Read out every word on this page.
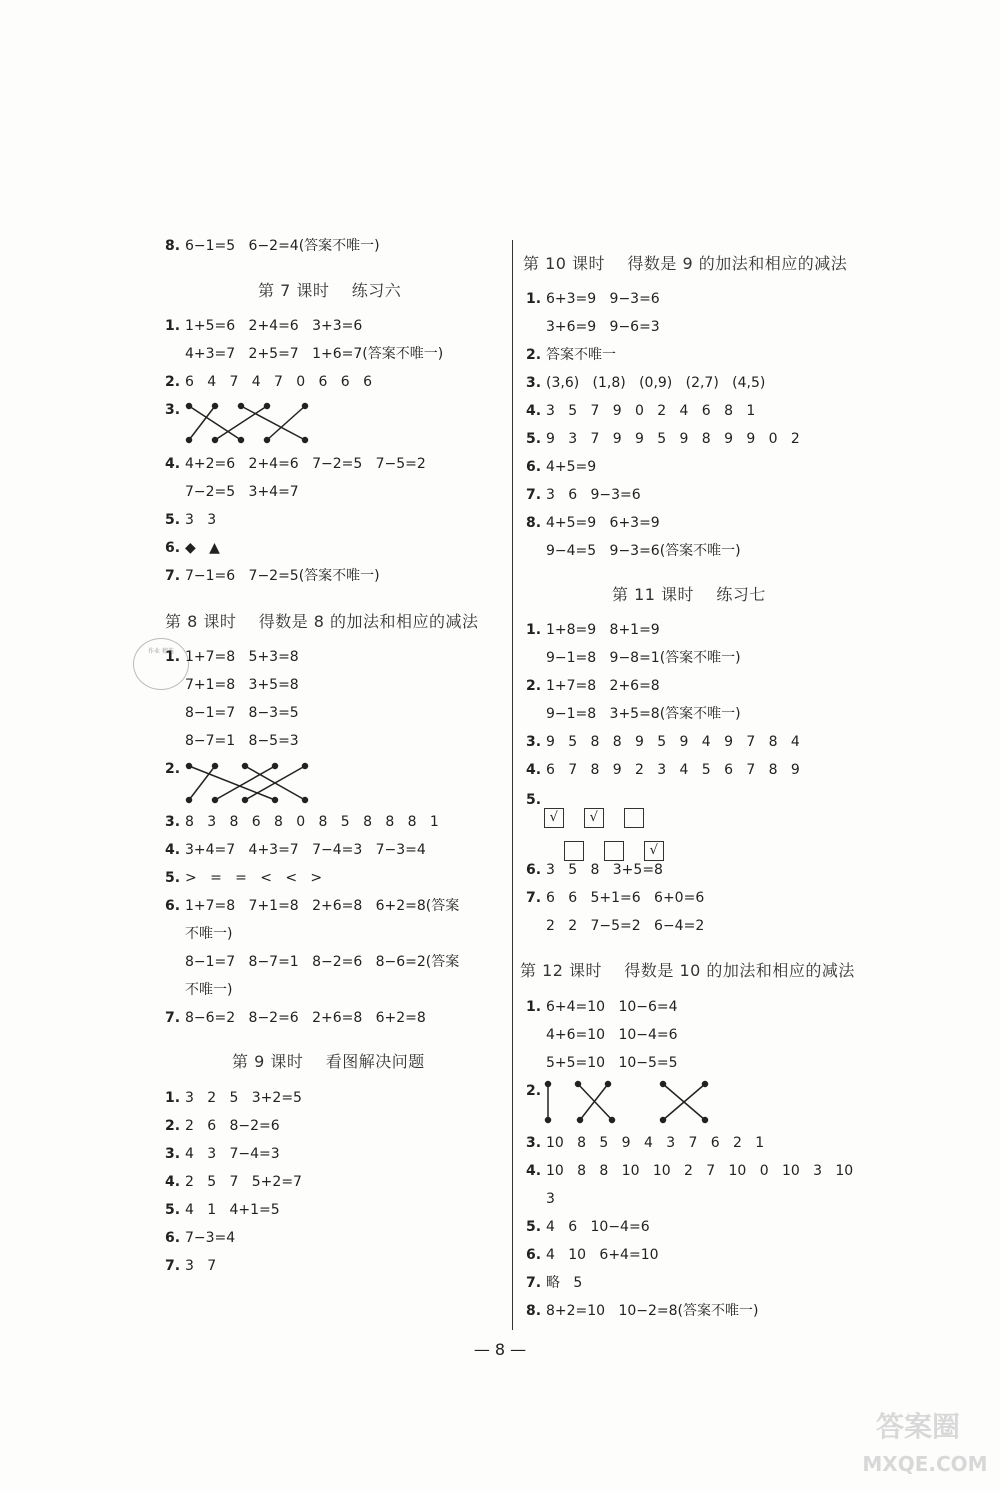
8. 6−1=5   6−2=4(答案不唯一)
第 7 课时    练习六
1. 1+5=6   2+4=6   3+3=6
4+3=7   2+5=7   1+6=7(答案不唯一)
2. 6   4   7   4   7   0   6   6   6
3.
4. 4+2=6   2+4=6   7−2=5   7−5=2
7−2=5   3+4=7
5. 3   3
6. ◆   ▲
7. 7−1=6   7−2=5(答案不唯一)
第 8 课时    得数是 8 的加法和相应的减法
作业 精选
1. 1+7=8   5+3=8
7+1=8   3+5=8
8−1=7   8−3=5
8−7=1   8−5=3
2.
3. 8   3   8   6   8   0   8   5   8   8   8   1
4. 3+4=7   4+3=7   7−4=3   7−3=4
5. >   =   =   <   <   >
6. 1+7=8   7+1=8   2+6=8   6+2=8(答案
不唯一)
8−1=7   8−7=1   8−2=6   8−6=2(答案
不唯一)
7. 8−6=2   8−2=6   2+6=8   6+2=8
第 9 课时    看图解决问题
1. 3   2   5   3+2=5
2. 2   6   8−2=6
3. 4   3   7−4=3
4. 2   5   7   5+2=7
5. 4   1   4+1=5
6. 7−3=4
7. 3   7
第 10 课时    得数是 9 的加法和相应的减法
1. 6+3=9   9−3=6
3+6=9   9−6=3
2. 答案不唯一
3. (3,6)   (1,8)   (0,9)   (2,7)   (4,5)
4. 3   5   7   9   0   2   4   6   8   1
5. 9   3   7   9   9   5   9   8   9   9   0   2
6. 4+5=9
7. 3   6   9−3=6
8. 4+5=9   6+3=9
9−4=5   9−3=6(答案不唯一)
第 11 课时    练习七
1. 1+8=9   8+1=9
9−1=8   9−8=1(答案不唯一)
2. 1+7=8   2+6=8
9−1=8   3+5=8(答案不唯一)
3. 9   5   8   8   9   5   9   4   9   7   8   4
4. 6   7   8   9   2   3   4   5   6   7   8   9
5.
√ √

√

6. 3   5   8   3+5=8
7. 6   6   5+1=6   6+0=6
2   2   7−5=2   6−4=2
第 12 课时    得数是 10 的加法和相应的减法
1. 6+4=10   10−6=4
4+6=10   10−4=6
5+5=10   10−5=5
2.
3. 10   8   5   9   4   3   7   6   2   1
4. 10   8   8   10   10   2   7   10   0   10   3   10
3
5. 4   6   10−4=6
6. 4   10   6+4=10
7. 略   5
8. 8+2=10   10−2=8(答案不唯一)
— 8 —
答案圈
MXQE.COM
